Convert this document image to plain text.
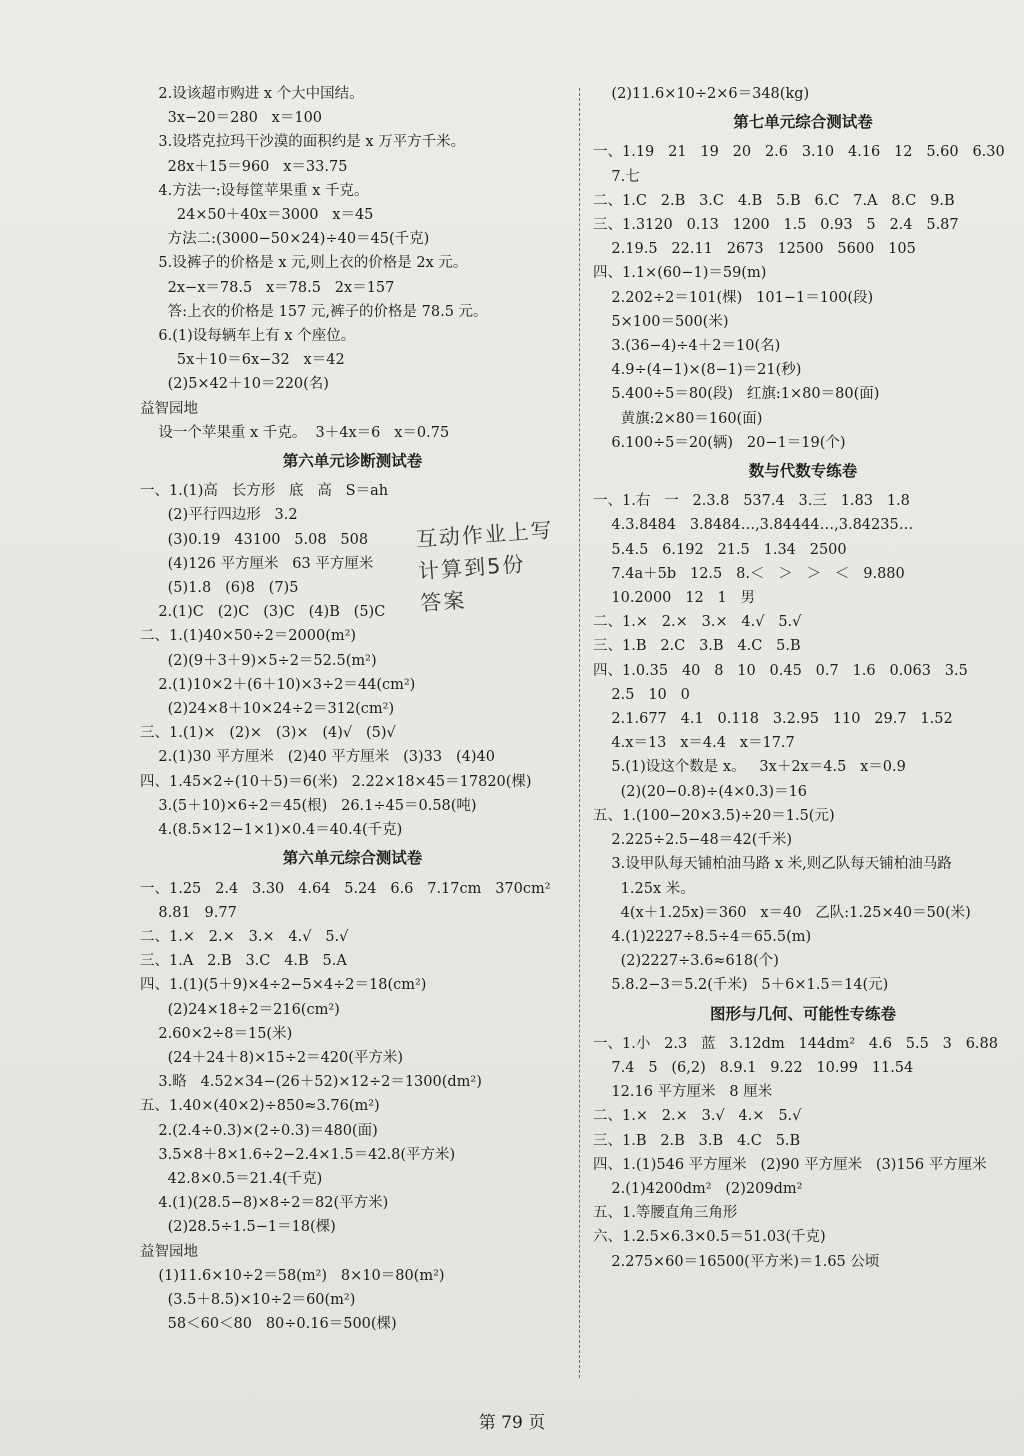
2.设该超市购进 x 个大中国结。
3x−20＝280   x＝100
3.设塔克拉玛干沙漠的面积约是 x 万平方千米。
28x＋15＝960   x＝33.75
4.方法一:设每筐苹果重 x 千克。
24×50＋40x＝3000   x＝45
方法二:(3000−50×24)÷40＝45(千克)
5.设裤子的价格是 x 元,则上衣的价格是 2x 元。
2x−x＝78.5   x＝78.5   2x＝157
答:上衣的价格是 157 元,裤子的价格是 78.5 元。
6.(1)设每辆车上有 x 个座位。
5x＋10＝6x−32   x＝42
(2)5×42＋10＝220(名)
益智园地
设一个苹果重 x 千克。  3＋4x＝6   x＝0.75
第六单元诊断测试卷
一、1.(1)高   长方形   底   高   S＝ah
(2)平行四边形   3.2
(3)0.19   43100   5.08   508
(4)126 平方厘米   63 平方厘米
(5)1.8   (6)8   (7)5
2.(1)C   (2)C   (3)C   (4)B   (5)C
二、1.(1)40×50÷2＝2000(m²)
(2)(9＋3＋9)×5÷2＝52.5(m²)
2.(1)10×2＋(6＋10)×3÷2＝44(cm²)
(2)24×8＋10×24÷2＝312(cm²)
三、1.(1)×   (2)×   (3)×   (4)√   (5)√
2.(1)30 平方厘米   (2)40 平方厘米   (3)33   (4)40
四、1.45×2÷(10＋5)＝6(米)   2.22×18×45＝17820(棵)
3.(5＋10)×6÷2＝45(根)   26.1÷45＝0.58(吨)
4.(8.5×12−1×1)×0.4＝40.4(千克)
第六单元综合测试卷
一、1.25   2.4   3.30   4.64   5.24   6.6   7.17cm   370cm²
8.81   9.77
二、1.×   2.×   3.×   4.√   5.√
三、1.A   2.B   3.C   4.B   5.A
四、1.(1)(5＋9)×4÷2−5×4÷2＝18(cm²)
(2)24×18÷2＝216(cm²)
2.60×2÷8＝15(米)
(24＋24＋8)×15÷2＝420(平方米)
3.略   4.52×34−(26＋52)×12÷2＝1300(dm²)
五、1.40×(40×2)÷850≈3.76(m²)
2.(2.4÷0.3)×(2÷0.3)＝480(面)
3.5×8＋8×1.6÷2−2.4×1.5＝42.8(平方米)
42.8×0.5＝21.4(千克)
4.(1)(28.5−8)×8÷2＝82(平方米)
(2)28.5÷1.5−1＝18(棵)
益智园地
(1)11.6×10÷2＝58(m²)   8×10＝80(m²)
(3.5＋8.5)×10÷2＝60(m²)
58＜60＜80   80÷0.16＝500(棵)
(2)11.6×10÷2×6＝348(kg)
第七单元综合测试卷
一、1.19   21   19   20   2.6   3.10   4.16   12   5.60   6.30
7.七
二、1.C   2.B   3.C   4.B   5.B   6.C   7.A   8.C   9.B
三、1.3120   0.13   1200   1.5   0.93   5   2.4   5.87
2.19.5   22.11   2673   12500   5600   105
四、1.1×(60−1)＝59(m)
2.202÷2＝101(棵)   101−1＝100(段)
5×100＝500(米)
3.(36−4)÷4＋2＝10(名)
4.9÷(4−1)×(8−1)＝21(秒)
5.400÷5＝80(段)   红旗:1×80＝80(面)
黄旗:2×80＝160(面)
6.100÷5＝20(辆)   20−1＝19(个)
数与代数专练卷
一、1.右   一   2.3.8   537.4   3.三   1.83   1.8
4.3.8484   3.8484…,3.84444…,3.84235…
5.4.5   6.192   21.5   1.34   2500
7.4a＋5b   12.5   8.＜   ＞   ＞   ＜   9.880
10.2000   12   1   男
二、1.×   2.×   3.×   4.√   5.√
三、1.B   2.C   3.B   4.C   5.B
四、1.0.35   40   8   10   0.45   0.7   1.6   0.063   3.5
2.5   10   0
2.1.677   4.1   0.118   3.2.95   110   29.7   1.52
4.x＝13   x＝4.4   x＝17.7
5.(1)设这个数是 x。   3x＋2x＝4.5   x＝0.9
(2)(20−0.8)÷(4×0.3)＝16
五、1.(100−20×3.5)÷20＝1.5(元)
2.225÷2.5−48＝42(千米)
3.设甲队每天铺柏油马路 x 米,则乙队每天铺柏油马路
1.25x 米。
4(x＋1.25x)＝360   x＝40   乙队:1.25×40＝50(米)
4.(1)2227÷8.5÷4＝65.5(m)
(2)2227÷3.6≈618(个)
5.8.2−3＝5.2(千米)   5＋6×1.5＝14(元)
图形与几何、可能性专练卷
一、1.小   2.3   蓝   3.12dm   144dm²   4.6   5.5   3   6.88
7.4   5   (6,2)   8.9.1   9.22   10.99   11.54
12.16 平方厘米   8 厘米
二、1.×   2.×   3.√   4.×   5.√
三、1.B   2.B   3.B   4.C   5.B
四、1.(1)546 平方厘米   (2)90 平方厘米   (3)156 平方厘米
2.(1)4200dm²   (2)209dm²
五、1.等腰直角三角形
六、1.2.5×6.3×0.5＝51.03(千克)
2.275×60＝16500(平方米)＝1.65 公顷
互动作业上写
计算到5份
答案
第 79 页
